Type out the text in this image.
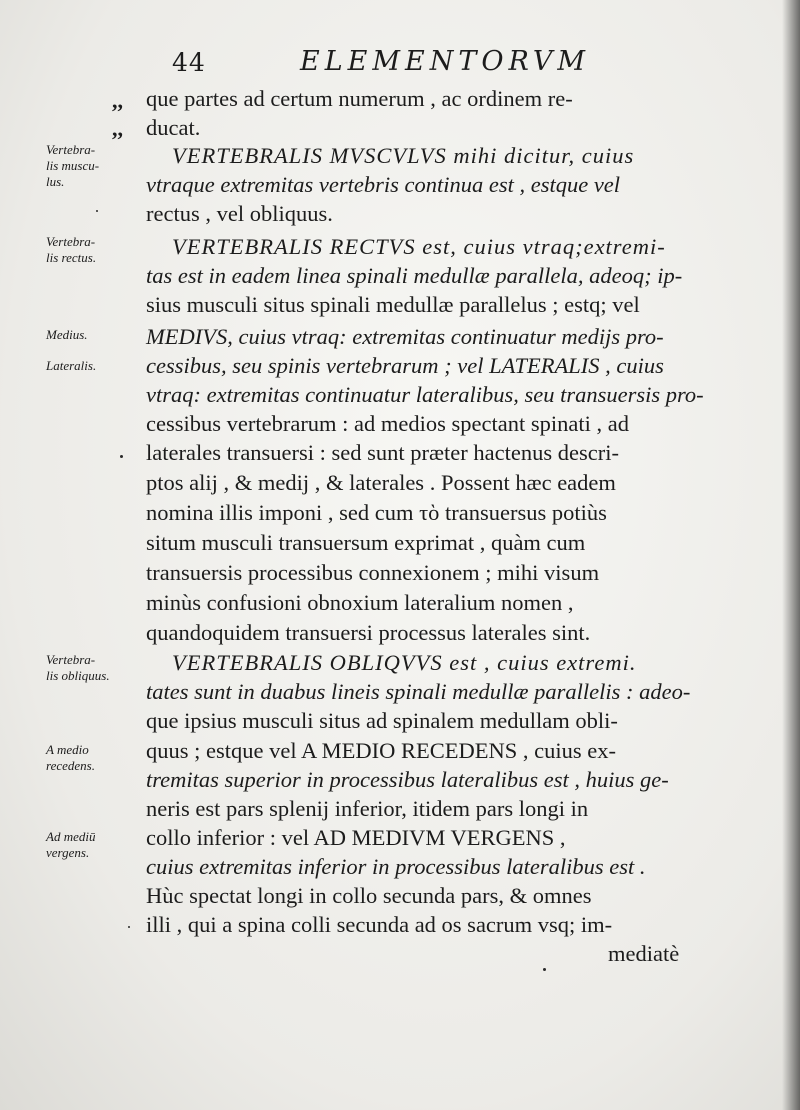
44	ELEMENTORVM
,,
,,
Vertebra-
lis muscu-
lus.
Vertebra-
lis rectus.
Medius.
Lateralis.
Vertebra-
lis obliquus.
A medio
recedens.
Ad mediū
vergens.
que partes ad certum numerum , ac ordinem re-
ducat.
VERTEBRALIS MVSCVLVS mihi dicitur, cuius
vtraque extremitas vertebris continua est , estque vel
rectus , vel obliquus.
VERTEBRALIS RECTVS est, cuius vtraq;extremi-
tas est in eadem linea spinali medullæ parallela, adeoq; ip-
sius musculi situs spinali medullæ parallelus ; estq; vel
MEDIVS, cuius vtraq: extremitas continuatur medijs pro-
cessibus, seu spinis vertebrarum ; vel LATERALIS , cuius
vtraq: extremitas continuatur lateralibus, seu transuersis pro-
cessibus vertebrarum : ad medios spectant spinati , ad
laterales transuersi : sed sunt præter hactenus descri-
ptos alij , & medij , & laterales . Possent hæc eadem
nomina illis imponi , sed cum τὸ transuersus potiùs
situm musculi transuersum exprimat , quàm cum
transuersis processibus connexionem ; mihi visum
minùs confusioni obnoxium lateralium nomen ,
quandoquidem transuersi processus laterales sint.
VERTEBRALIS OBLIQVVS est , cuius extremi.
tates sunt in duabus lineis spinali medullæ parallelis : adeo-
que ipsius musculi situs ad spinalem medullam obli-
quus ; estque vel A MEDIO RECEDENS , cuius ex-
tremitas superior in processibus lateralibus est , huius ge-
neris est pars splenij inferior, itidem pars longi in
collo inferior : vel AD MEDIVM VERGENS ,
cuius extremitas inferior in processibus lateralibus est .
Hùc spectat longi in collo secunda pars, & omnes
illi , qui a spina colli secunda ad os sacrum vsq; im-
mediatè
